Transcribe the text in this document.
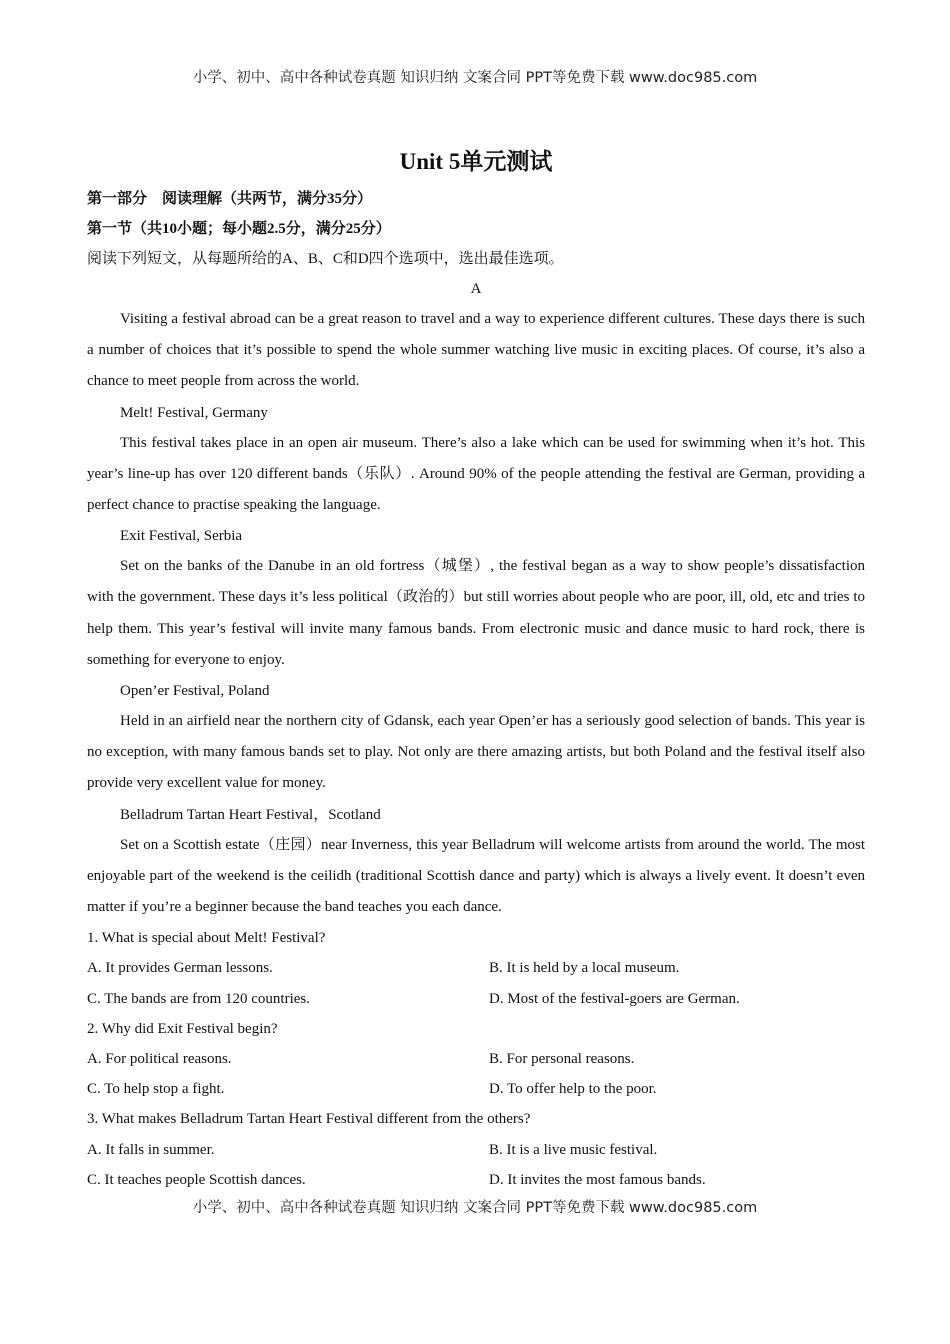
小学、初中、高中各种试卷真题 知识归纳 文案合同 PPT等免费下载 www.doc985.com
Unit 5单元测试
第一部分　阅读理解（共两节，满分35分）
第一节（共10小题；每小题2.5分，满分25分）
阅读下列短文，从每题所给的A、B、C和D四个选项中，选出最佳选项。
A

Visiting a festival abroad can be a great reason to travel and a way to experience different cultures. These days there is such a number of choices that it’s possible to spend the whole summer watching live music in exciting places. Of course, it’s also a chance to meet people from across the world.

Melt! Festival, Germany

This festival takes place in an open air museum. There’s also a lake which can be used for swimming when it’s hot. This year’s line-up has over 120 different bands（乐队）. Around 90% of the people attending the festival are German, providing a perfect chance to practise speaking the language.

Exit Festival, Serbia

Set on the banks of the Danube in an old fortress（城堡）, the festival began as a way to show people’s dissatisfaction with the government. These days it’s less political（政治的）but still worries about people who are poor, ill, old, etc and tries to help them. This year’s festival will invite many famous bands. From electronic music and dance music to hard rock, there is something for everyone to enjoy.

Open’er Festival, Poland

Held in an airfield near the northern city of Gdansk, each year Open’er has a seriously good selection of bands. This year is no exception, with many famous bands set to play. Not only are there amazing artists, but both Poland and the festival itself also provide very excellent value for money.

Belladrum Tartan Heart Festival，Scotland

Set on a Scottish estate（庄园）near Inverness, this year Belladrum will welcome artists from around the world. The most enjoyable part of the weekend is the ceilidh (traditional Scottish dance and party) which is always a lively event. It doesn’t even matter if you’re a beginner because the band teaches you each dance.

1. What is special about Melt! Festival?
A. It provides German lessons.	B. It is held by a local museum.
C. The bands are from 120 countries.	D. Most of the festival-goers are German.
2. Why did Exit Festival begin?
A. For political reasons.	B. For personal reasons.
C. To help stop a fight.	D. To offer help to the poor.
3. What makes Belladrum Tartan Heart Festival different from the others?
A. It falls in summer.	B. It is a live music festival.
C. It teaches people Scottish dances.	D. It invites the most famous bands.
小学、初中、高中各种试卷真题 知识归纳 文案合同 PPT等免费下载 www.doc985.com
